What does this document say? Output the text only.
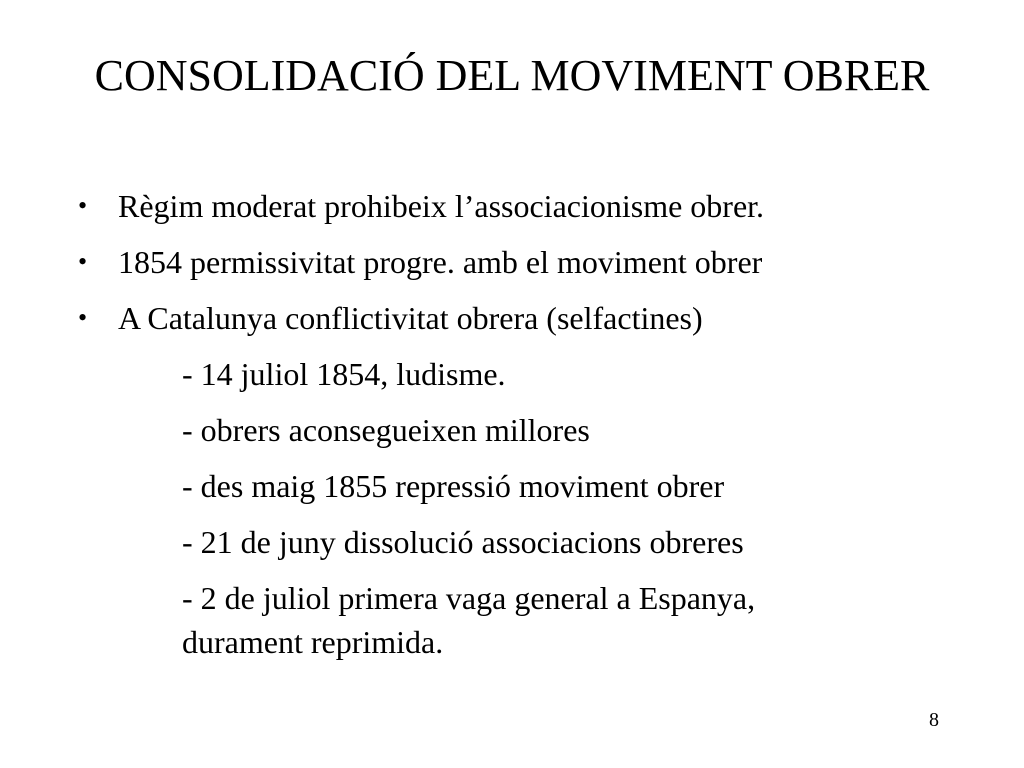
CONSOLIDACIÓ DEL MOVIMENT OBRER
• Règim moderat prohibeix l’associacionisme obrer.
• 1854 permissivitat progre. amb el moviment obrer
• A Catalunya conflictivitat obrera (selfactines)
- 14 juliol 1854, ludisme.
- obrers aconsegueixen millores
- des maig 1855 repressió moviment obrer
- 21 de juny dissolució associacions obreres
- 2 de juliol primera vaga general a Espanya,
durament reprimida.
8
